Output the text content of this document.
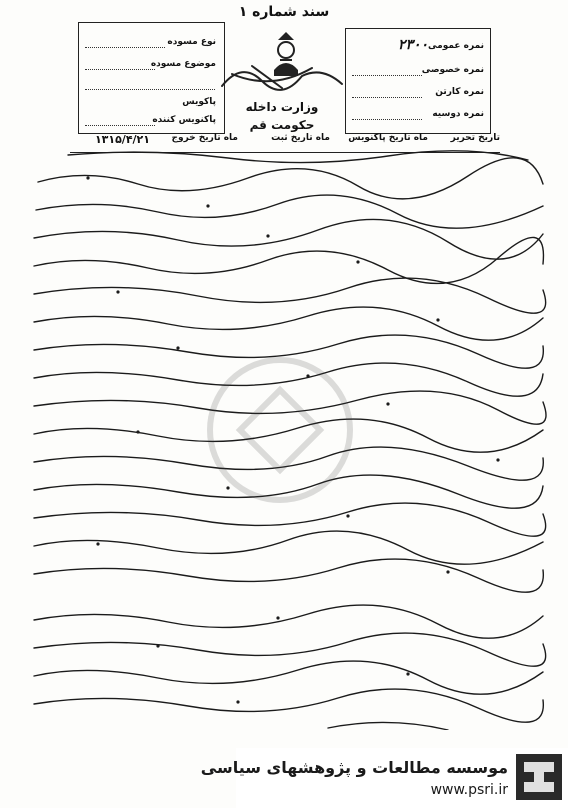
سند شماره ۱
نوع مسوده
موضوع مسوده
پاکویس
پاکنویس کننده
وزارت داخله
حکومت قم
نمره عمومی
۲۳۰۰
نمره خصوصی
نمره کارتن
نمره دوسیه
تاریخ تحریر
ماه تاریخ پاکنویس
ماه تاریخ ثبت
ماه تاریخ خروج
۱۳۱۵/۴/۲۱
موسسه مطالعات و پژوهشهای سیاسی
www.psri.ir
